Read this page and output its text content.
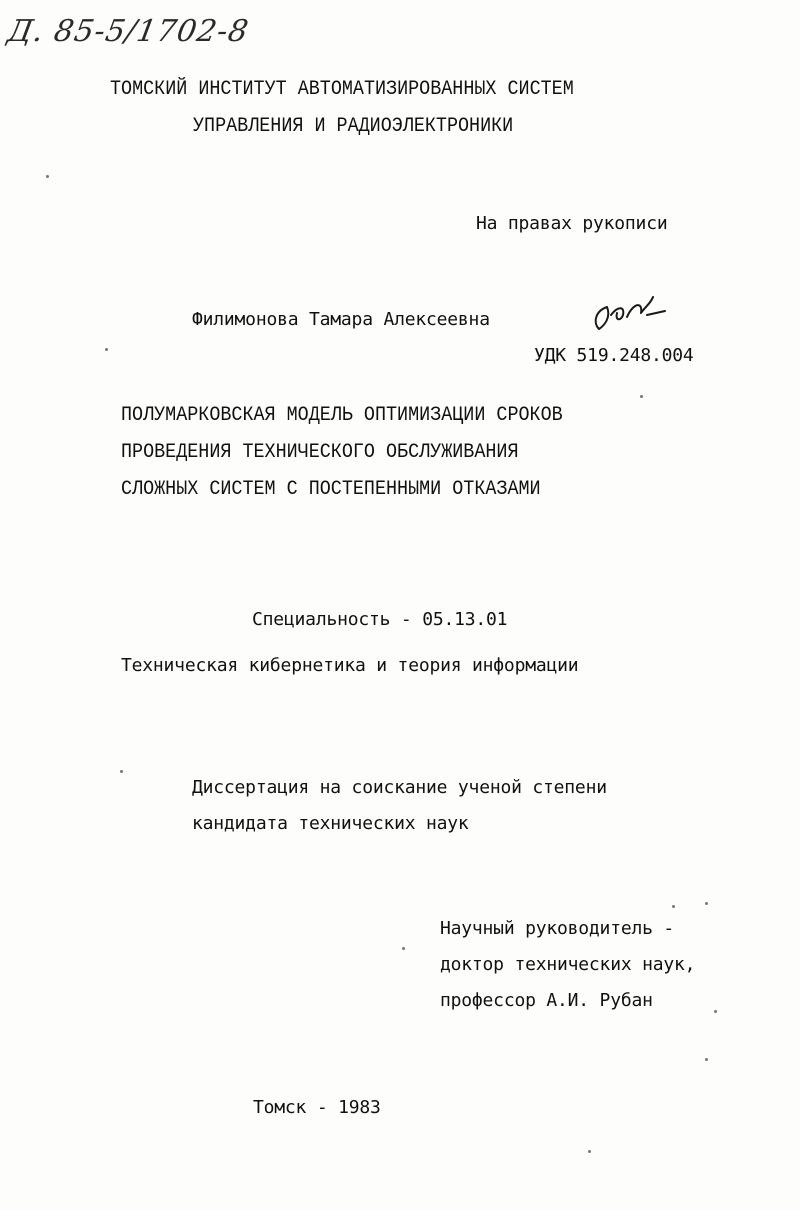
Д. 85-5/1702-8
ТОМСКИЙ ИНСТИТУТ АВТОМАТИЗИРОВАННЫХ СИСТЕМ
УПРАВЛЕНИЯ И РАДИОЭЛЕКТРОНИКИ
На правах рукописи
Филимонова Тамара Алексеевна
УДК 519.248.004
ПОЛУМАРКОВСКАЯ МОДЕЛЬ ОПТИМИЗАЦИИ СРОКОВ
ПРОВЕДЕНИЯ ТЕХНИЧЕСКОГО ОБСЛУЖИВАНИЯ
СЛОЖНЫХ СИСТЕМ С ПОСТЕПЕННЫМИ ОТКАЗАМИ
Специальность - 05.13.01
Техническая кибернетика и теория информации
Диссертация на соискание ученой степени
кандидата технических наук
Научный руководитель -
доктор технических наук,
профессор А.И. Рубан
Томск - 1983
